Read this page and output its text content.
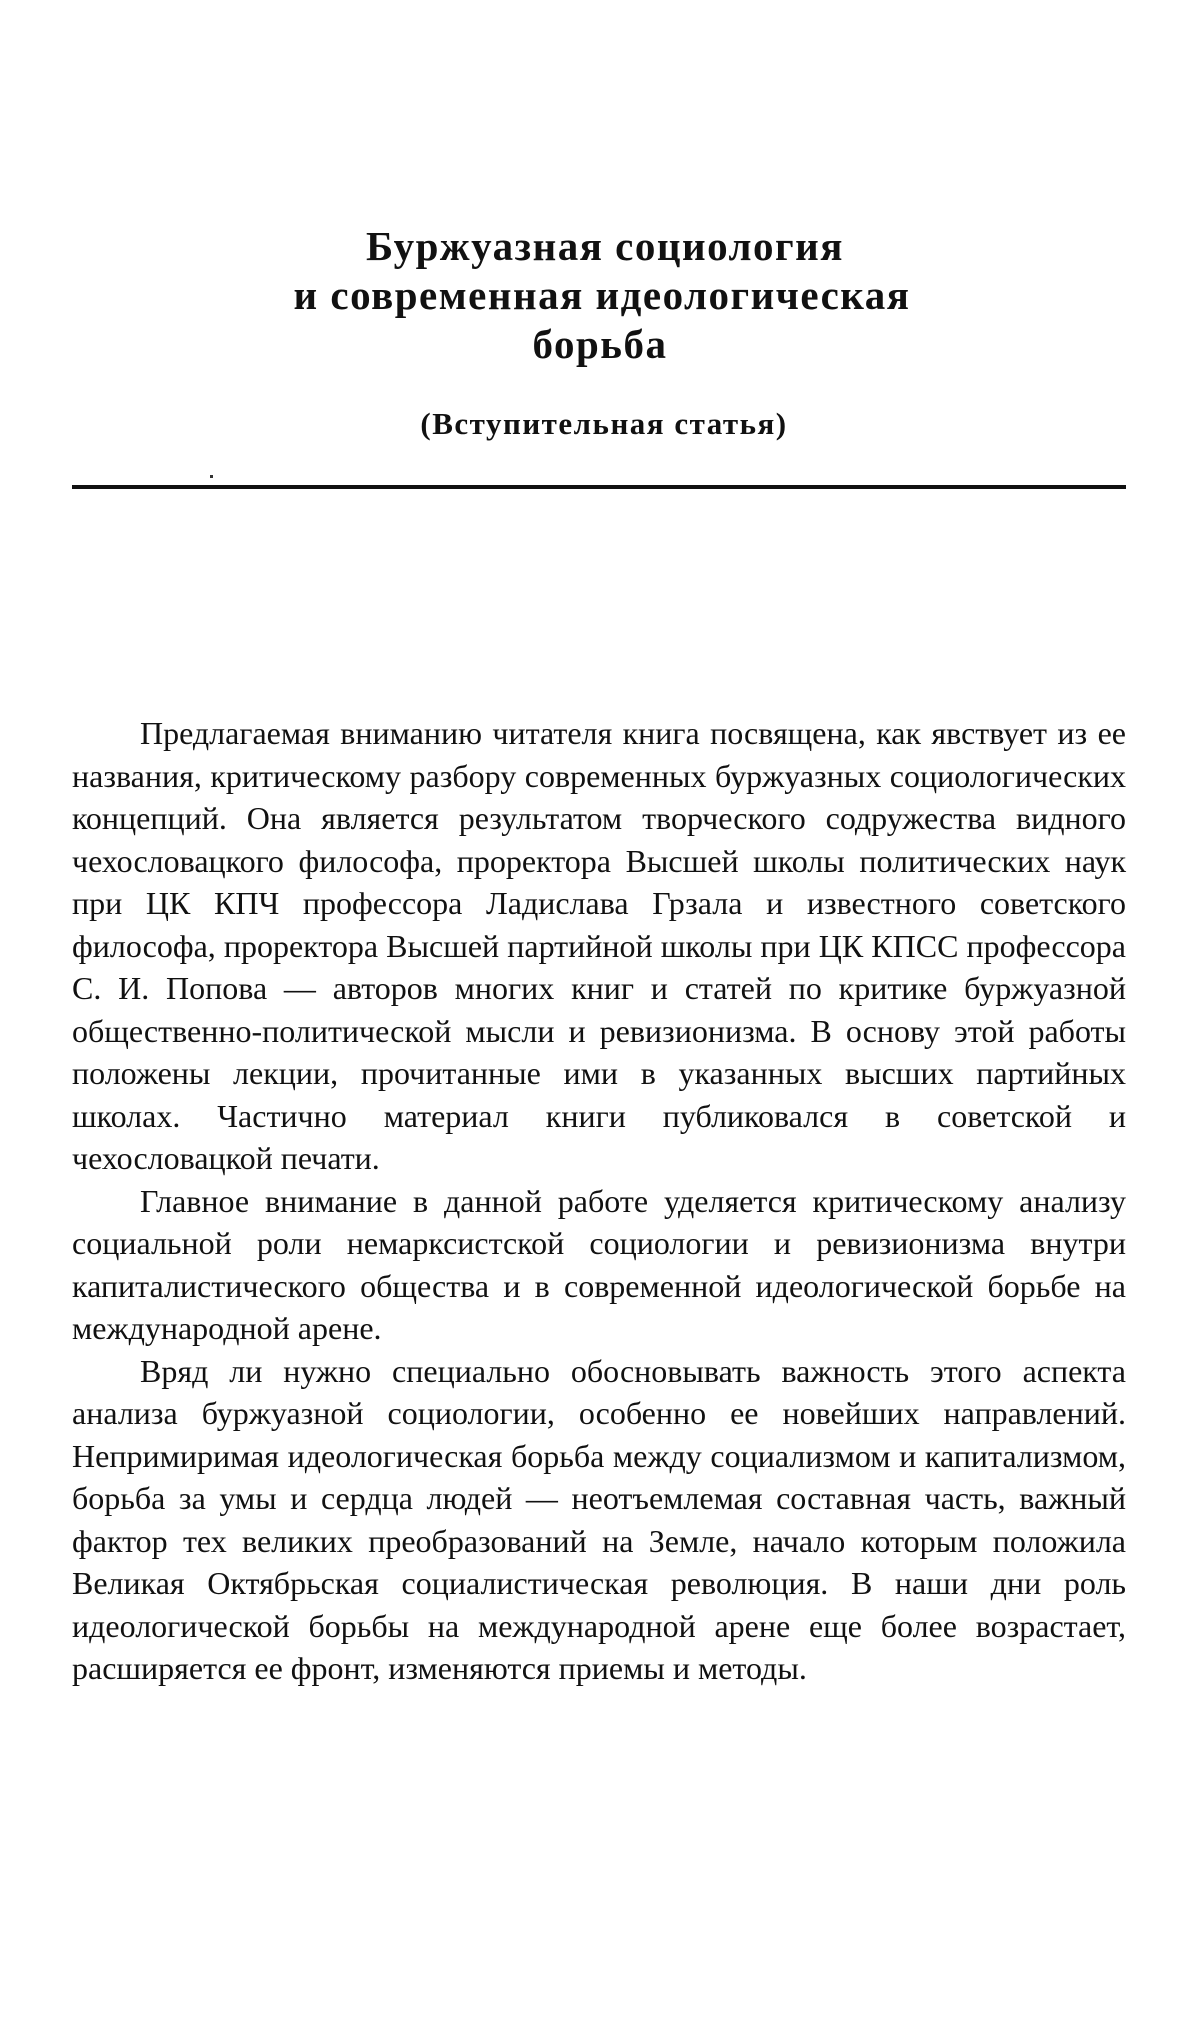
Буржуазная социология
и современная идеологическая
борьба
(Вступительная статья)

Предлагаемая вниманию читателя книга посвящена, как явствует из ее названия, критическому разбору современных буржуазных социологических концепций. Она является результатом творческого содружества видного чехословацкого философа, проректора Высшей школы политических наук при ЦК КПЧ профессора Ладислава Грзала и известного советского философа, проректора Высшей партийной школы при ЦК КПСС профессора С. И. Попова — авторов многих книг и статей по критике буржуазной общественно-политической мысли и ревизионизма. В основу этой работы положены лекции, прочитанные ими в указанных высших партийных школах. Частично материал книги публиковался в советской и чехословацкой печати.

Главное внимание в данной работе уделяется критическому анализу социальной роли немарксистской социологии и ревизионизма внутри капиталистического общества и в современной идеологической борьбе на международной арене.

Вряд ли нужно специально обосновывать важность этого аспекта анализа буржуазной социологии, особенно ее новейших направлений. Непримиримая идеологическая борьба между социализмом и капитализмом, борьба за умы и сердца людей — неотъемлемая составная часть, важный фактор тех великих преобразований на Земле, начало которым положила Великая Октябрьская социалистическая революция. В наши дни роль идеологической борьбы на международной арене еще более возрастает, расширяется ее фронт, изменяются приемы и методы.
